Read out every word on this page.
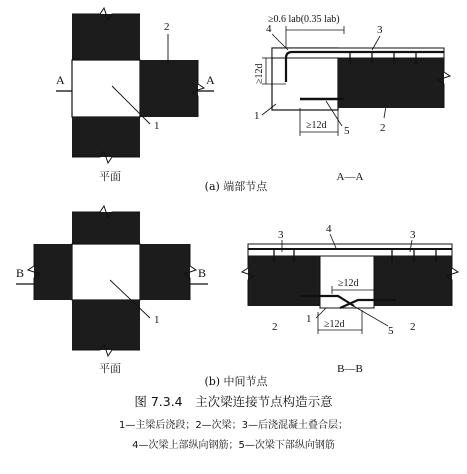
A	A
1
2
平面
≥0.6 lab(0.35 lab)
≥12d
≥12d
4	3
1
5	2
A—A
(a) 端部节点
B	B
1
平面
≥12d
≥12d
3	4	3
1
5
2	2
B—B
(b) 中间节点
图 7.3.4　主次梁连接节点构造示意
1—主梁后浇段；2—次梁；3—后浇混凝土叠合层；
4—次梁上部纵向钢筋；5—次梁下部纵向钢筋
